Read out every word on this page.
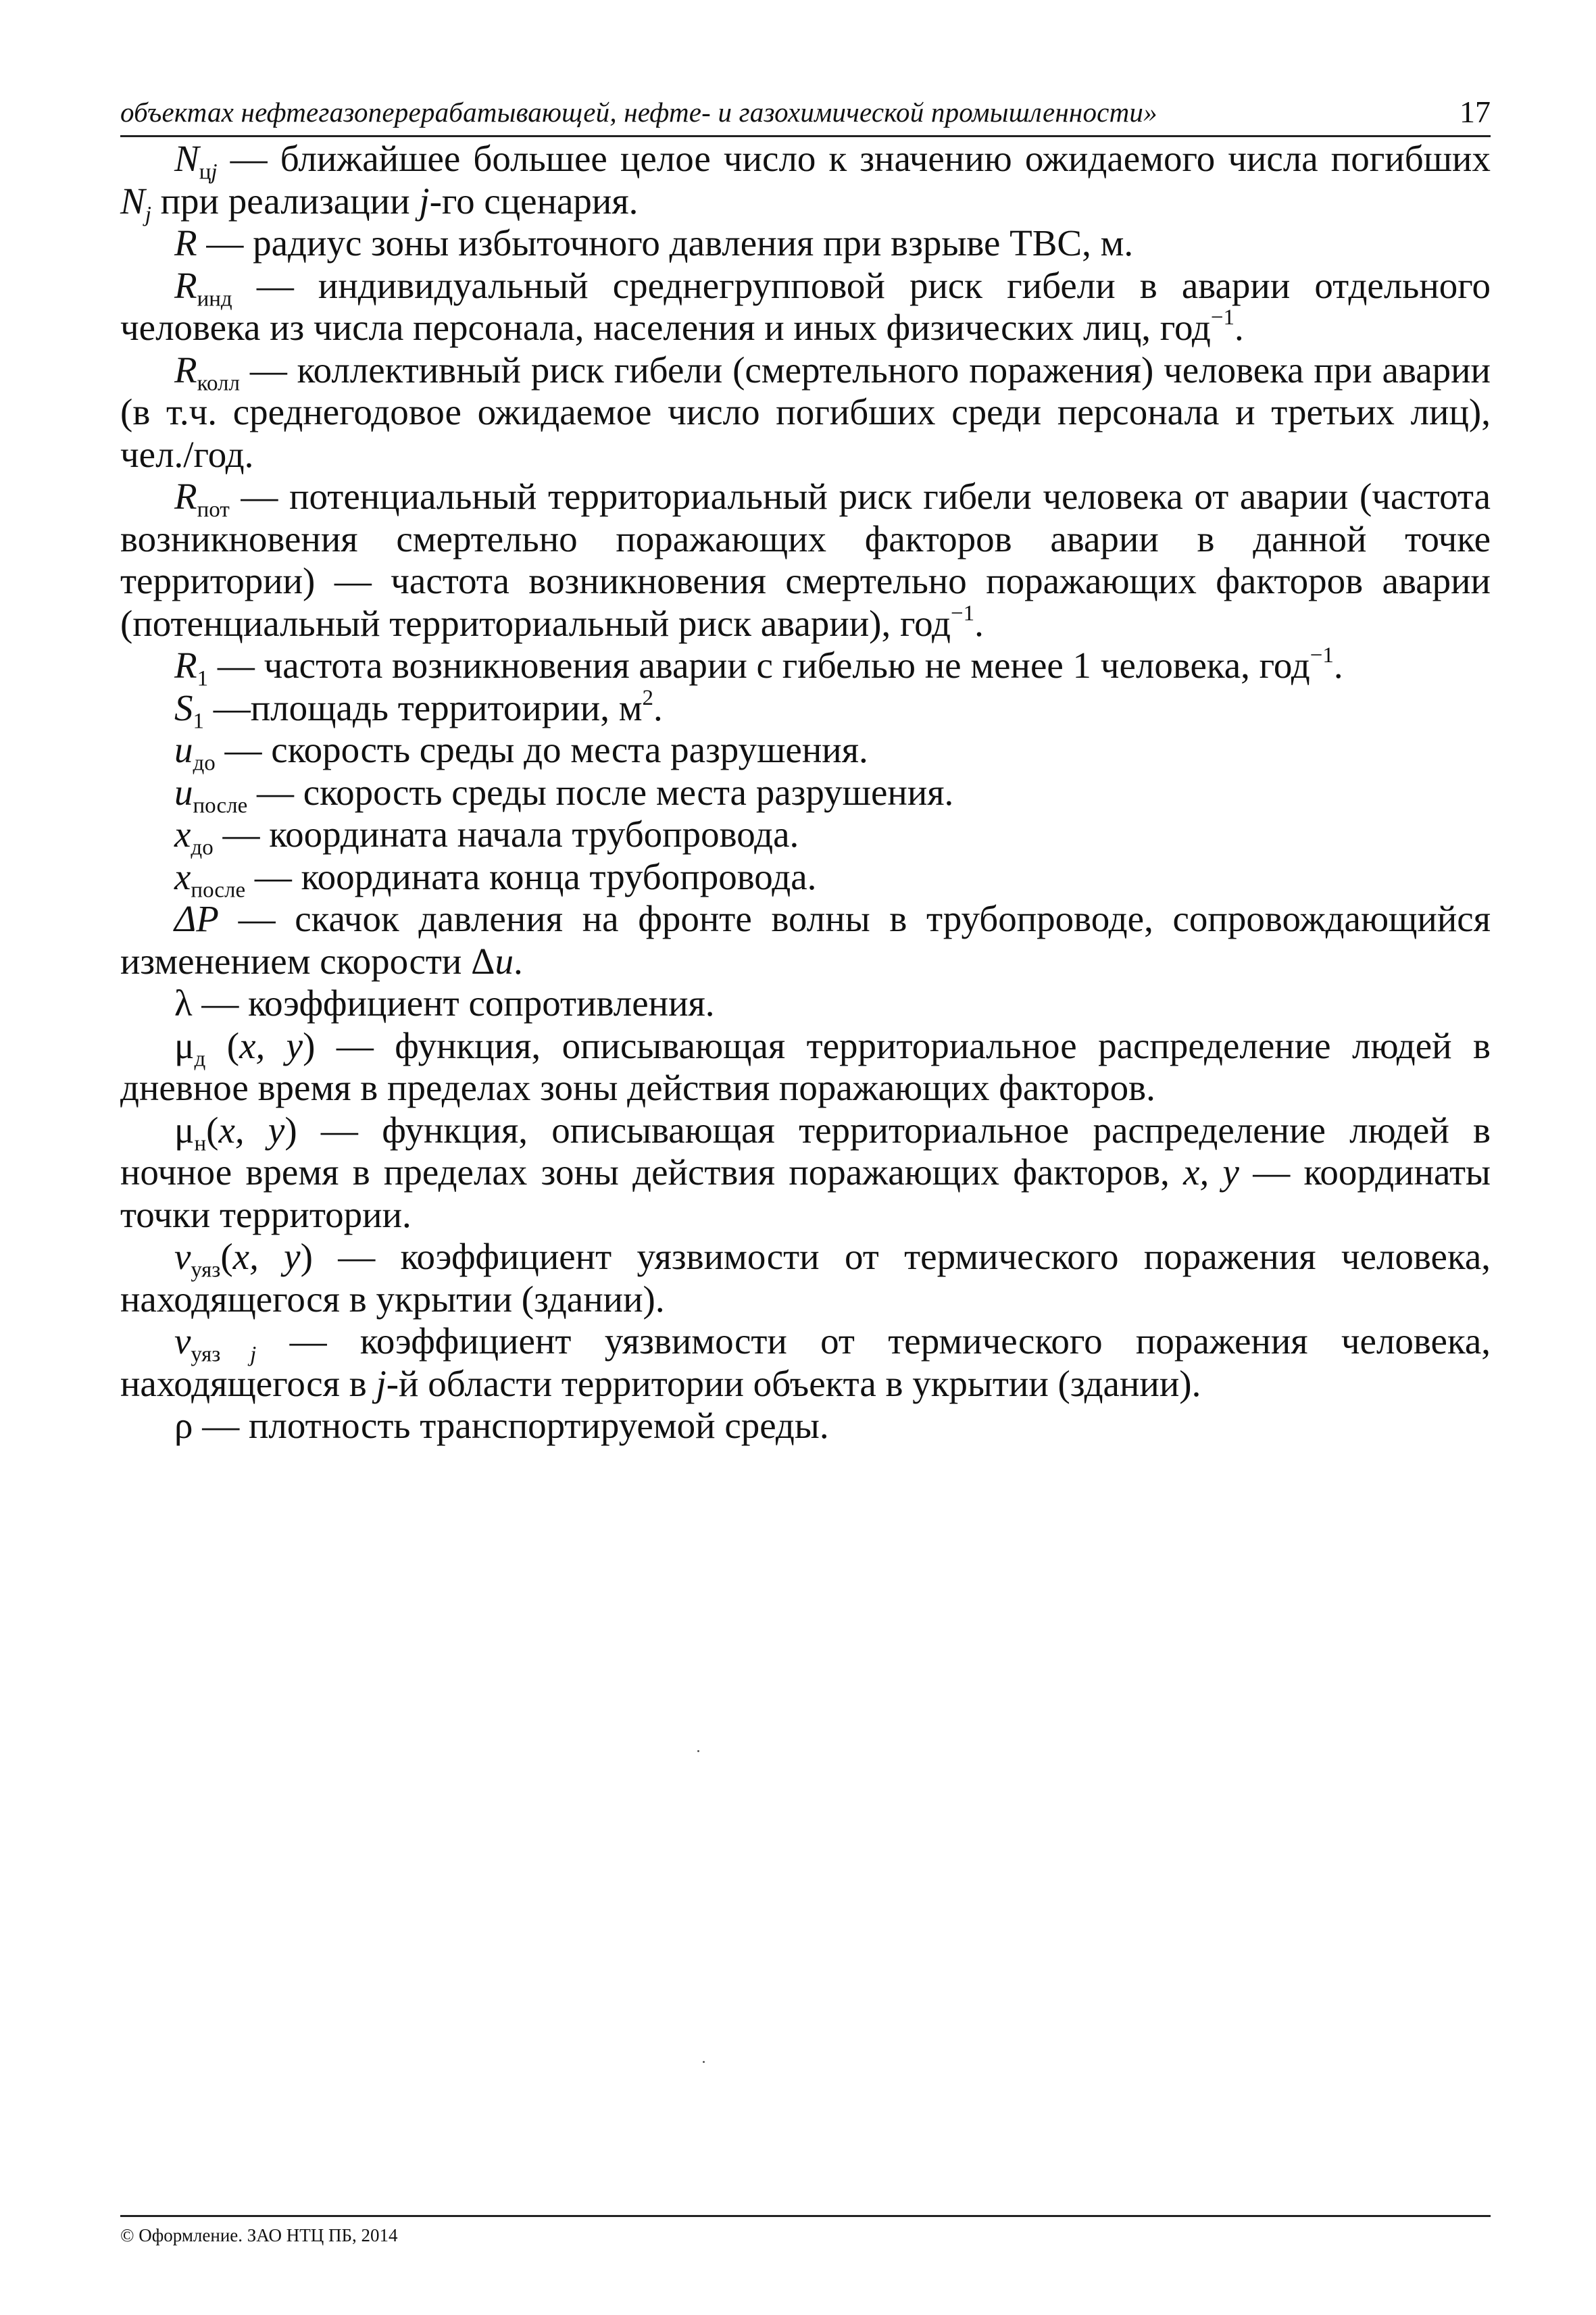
объектах нефтегазоперерабатывающей, нефте- и газохимической промышленности»	17

$N_{цj}$ — ближайшее большее целое число к значению ожидаемого числа погибших $N_j$ при реализации j-го сценария.

R — радиус зоны избыточного давления при взрыве ТВС, м.

$R_{инд}$ — индивидуальный среднегрупповой риск гибели в аварии отдельного человека из числа персонала, населения и иных физических лиц, год$^{-1}$.

$R_{колл}$ — коллективный риск гибели (смертельного поражения) человека при аварии (в т.ч. среднегодовое ожидаемое число погибших среди персонала и третьих лиц), чел./год.

$R_{пот}$ — потенциальный территориальный риск гибели человека от аварии (частота возникновения смертельно поражающих факторов аварии в данной точке территории) — частота возникновения смертельно поражающих факторов аварии (потенциальный территориальный риск аварии), год$^{-1}$.

$R_1$ — частота возникновения аварии с гибелью не менее 1 человека, год$^{-1}$.

$S_1$ —площадь территоирии, $м^2$.

$u_{до}$ — скорость среды до места разрушения.

$u_{после}$ — скорость среды после места разрушения.

$x_{до}$ — координата начала трубопровода.

$x_{после}$ — координата конца трубопровода.

ΔP — скачок давления на фронте волны в трубопроводе, сопровождающийся изменением скорости Δu.

λ — коэффициент сопротивления.

$\mu_д$ (x, y) — функция, описывающая территориальное распределение людей в дневное время в пределах зоны действия поражающих факторов.

$\mu_н(x$, y) — функция, описывающая территориальное распределение людей в ночное время в пределах зоны действия поражающих факторов, x, y — координаты точки территории.

$v_{уяз}(x$, y) — коэффициент уязвимости от термического поражения человека, находящегося в укрытии (здании).

$v_{уяз}$ $_j$ — коэффициент уязвимости от термического поражения человека, находящегося в j-й области территории объекта в укрытии (здании).

ρ — плотность транспортируемой среды.

© Оформление. ЗАО НТЦ ПБ, 2014
